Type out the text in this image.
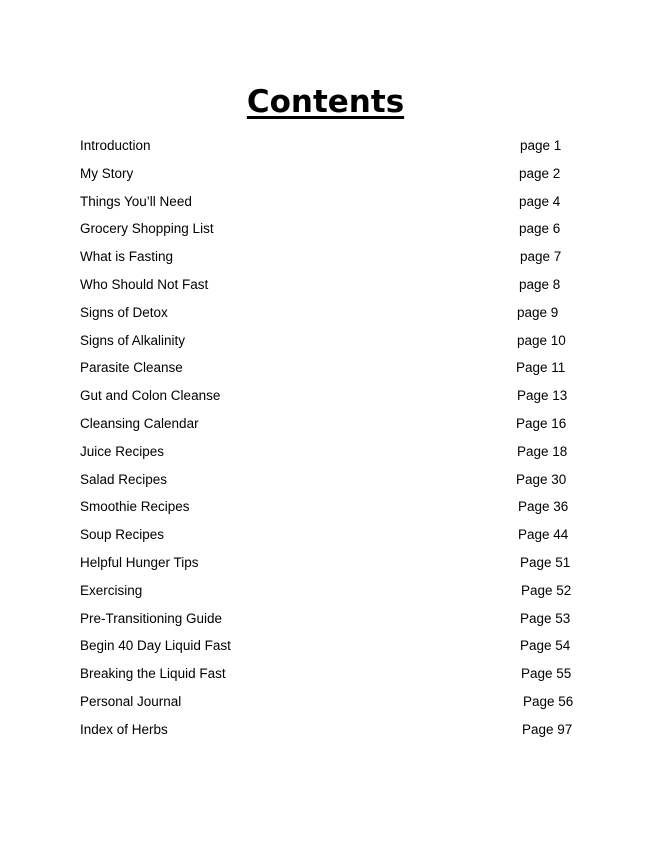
Contents
Introduction	page 1
My Story	page 2
Things You’ll Need	page 4
Grocery Shopping List	page 6
What is Fasting	page 7
Who Should Not Fast	page 8
Signs of Detox	page 9
Signs of Alkalinity	page 10
Parasite Cleanse	Page 11
Gut and Colon Cleanse	Page 13
Cleansing Calendar	Page 16
Juice Recipes	Page 18
Salad Recipes	Page 30
Smoothie Recipes	Page 36
Soup Recipes	Page 44
Helpful Hunger Tips	Page 51
Exercising	Page 52
Pre-Transitioning Guide	Page 53
Begin 40 Day Liquid Fast	Page 54
Breaking the Liquid Fast	Page 55
Personal Journal	Page 56
Index of Herbs	Page 97
